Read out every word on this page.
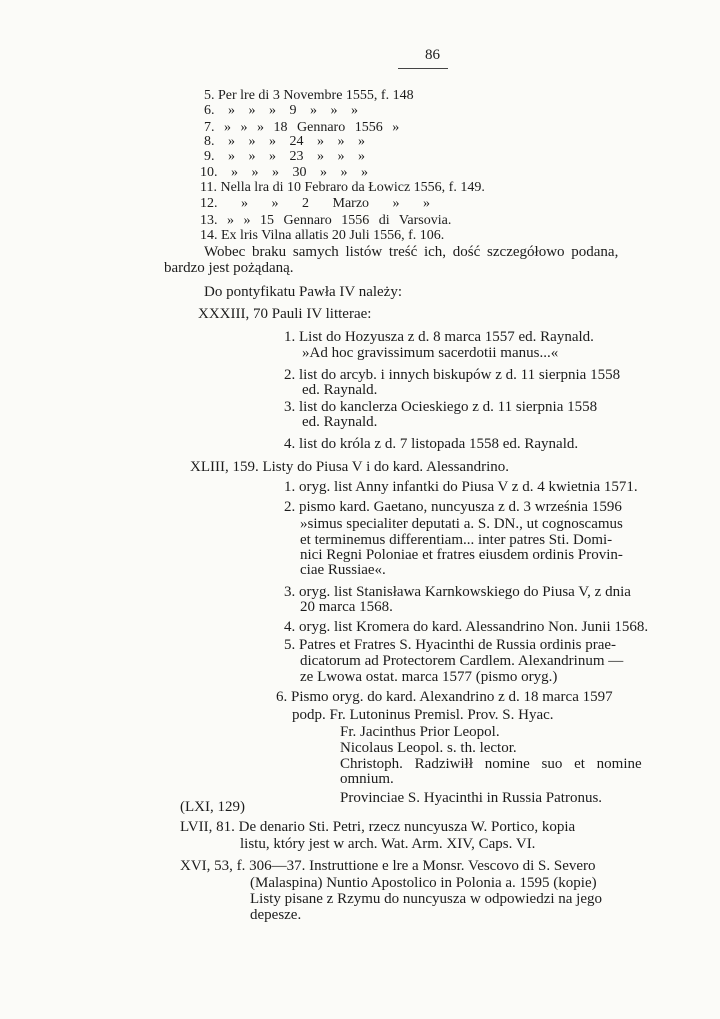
86
5. Per lre di 3 Novembre 1555, f. 148
6. » » » 9 » » »
7. » » » 18 Gennaro 1556 »
8. » » » 24 » » »
9. » » » 23 » » »
10. » » » 30 » » »
11. Nella lra di 10 Febraro da Łowicz 1556, f. 149.
12. » » 2 Marzo » »
13. » » 15 Gennaro 1556 di Varsovia.
14. Ex lris Vilna allatis 20 Juli 1556, f. 106.
Wobec braku samych listów treść ich, dość szczegółowo podana,
bardzo jest pożądaną.
Do pontyfikatu Pawła IV należy:
XXXIII, 70 Pauli IV litterae:
1. List do Hozyusza z d. 8 marca 1557 ed. Raynald.
»Ad hoc gravissimum sacerdotii manus...«
2. list do arcyb. i innych biskupów z d. 11 sierpnia 1558
ed. Raynald.
3. list do kanclerza Ocieskiego z d. 11 sierpnia 1558
ed. Raynald.
4. list do króla z d. 7 listopada 1558 ed. Raynald.
XLIII, 159. Listy do Piusa V i do kard. Alessandrino.
1. oryg. list Anny infantki do Piusa V z d. 4 kwietnia 1571.
2. pismo kard. Gaetano, nuncyusza z d. 3 września 1596
»simus specialiter deputati a. S. DN., ut cognoscamus
et terminemus differentiam... inter patres Sti. Domi-
nici Regni Poloniae et fratres eiusdem ordinis Provin-
ciae Russiae«.
3. oryg. list Stanisława Karnkowskiego do Piusa V, z dnia
20 marca 1568.
4. oryg. list Kromera do kard. Alessandrino Non. Junii 1568.
5. Patres et Fratres S. Hyacinthi de Russia ordinis prae-
dicatorum ad Protectorem Cardlem. Alexandrinum —
ze Lwowa ostat. marca 1577 (pismo oryg.)
6. Pismo oryg. do kard. Alexandrino z d. 18 marca 1597
podp. Fr. Lutoninus Premisl. Prov. S. Hyac.
Fr. Jacinthus Prior Leopol.
Nicolaus Leopol. s. th. lector.
Christoph. Radziwiłł nomine suo et nomine
omnium.
Provinciae S. Hyacinthi in Russia Patronus.
(LXI, 129)
LVII, 81. De denario Sti. Petri, rzecz nuncyusza W. Portico, kopia
listu, który jest w arch. Wat. Arm. XIV, Caps. VI.
XVI, 53, f. 306—37. Instruttione e lre a Monsr. Vescovo di S. Severo
(Malaspina) Nuntio Apostolico in Polonia a. 1595 (kopie)
Listy pisane z Rzymu do nuncyusza w odpowiedzi na jego
depesze.
